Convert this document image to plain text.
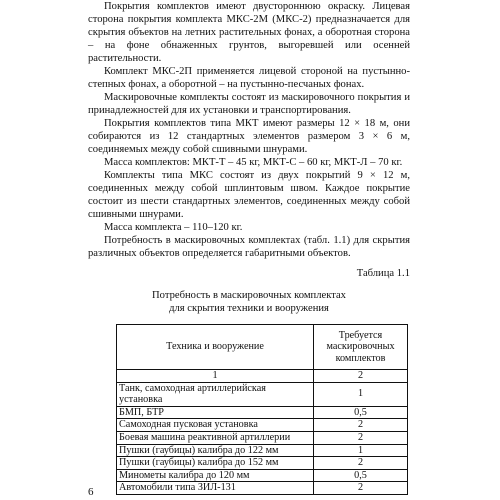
Покрытия комплектов имеют двустороннюю окраску. Лицевая сторона покрытия комплекта МКС-2М (МКС-2) предназначается для скрытия объектов на летних растительных фонах, а оборотная сторона – на фоне обнаженных грунтов, выгоревшей или осенней растительности.

Комплект МКС-2П применяется лицевой стороной на пустынно-степных фонах, а оборотной – на пустынно-песчаных фонах.

Маскировочные комплекты состоят из маскировочного покрытия и принадлежностей для их установки и транспортирования.

Покрытия комплектов типа МКТ имеют размеры 12 × 18 м, они собираются из 12 стандартных элементов размером 3 × 6 м, соединяемых между собой сшивными шнурами.

Масса комплектов: МКТ-Т – 45 кг, МКТ-С – 60 кг, МКТ-Л – 70 кг.

Комплекты типа МКС состоят из двух покрытий 9 × 12 м, соединенных между собой шплинтовым швом. Каждое покрытие состоит из шести стандартных элементов, соединенных между собой сшивными шнурами.

Масса комплекта – 110–120 кг.

Потребность в маскировочных комплектах (табл. 1.1) для скрытия различных объектов определяется габаритными объектов.

Таблица 1.1
Потребность в маскировочных комплектах
для скрытия техники и вооружения
Техника и вооружение	Требуется маскировочных комплектов
1	2
Танк, самоходная артиллерийская установка	1
БМП, БТР	0,5
Самоходная пусковая установка	2
Боевая машина реактивной артиллерии	2
Пушки (гаубицы) калибра до 122 мм	1
Пушки (гаубицы) калибра до 152 мм	2
Минометы калибра до 120 мм	0,5
Автомобили типа ЗИЛ-131	2
6
